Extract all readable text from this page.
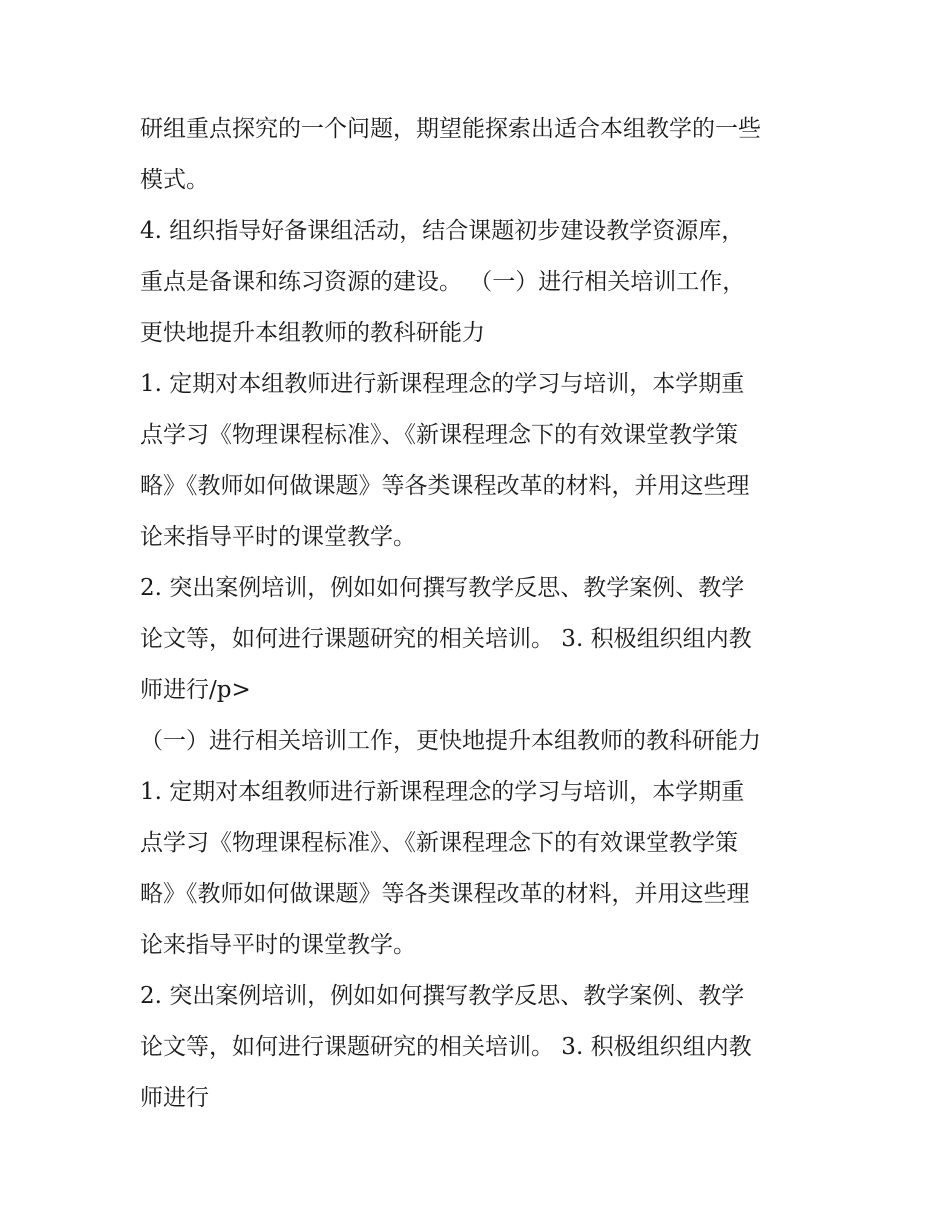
研组重点探究的一个问题，期望能探索出适合本组教学的一些
模式。
4. 组织指导好备课组活动，结合课题初步建设教学资源库，
重点是备课和练习资源的建设。 （一）进行相关培训工作，
更快地提升本组教师的教科研能力
1. 定期对本组教师进行新课程理念的学习与培训，本学期重
点学习《物理课程标准》、《新课程理念下的有效课堂教学策
略》《教师如何做课题》等各类课程改革的材料，并用这些理
论来指导平时的课堂教学。
2. 突出案例培训，例如如何撰写教学反思、教学案例、教学
论文等，如何进行课题研究的相关培训。 3. 积极组织组内教
师进行/p>
（一）进行相关培训工作，更快地提升本组教师的教科研能力
1. 定期对本组教师进行新课程理念的学习与培训，本学期重
点学习《物理课程标准》、《新课程理念下的有效课堂教学策
略》《教师如何做课题》等各类课程改革的材料，并用这些理
论来指导平时的课堂教学。
2. 突出案例培训，例如如何撰写教学反思、教学案例、教学
论文等，如何进行课题研究的相关培训。 3. 积极组织组内教
师进行
